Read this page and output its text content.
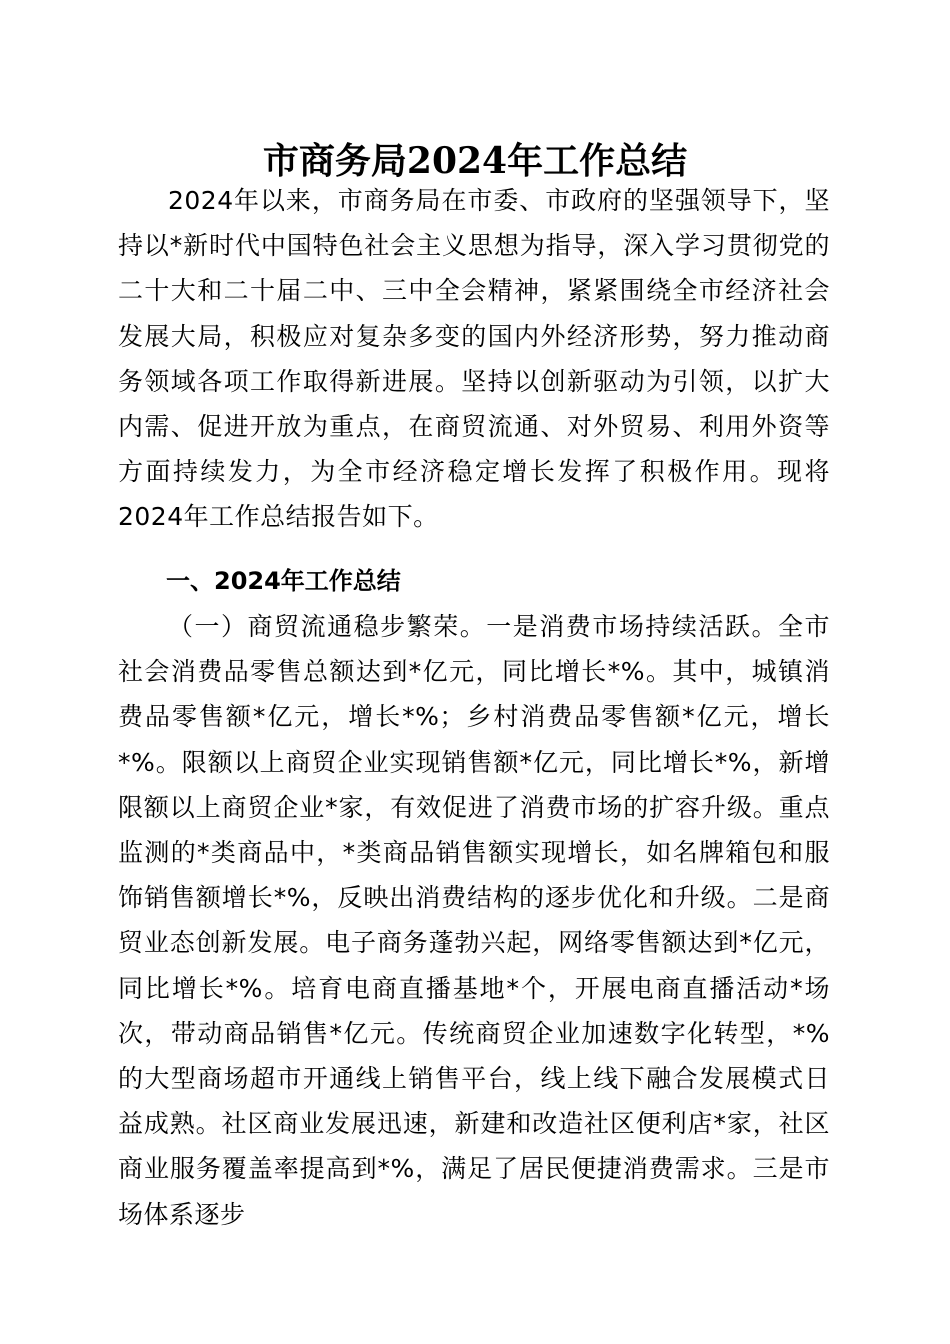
市商务局2024年工作总结

2024年以来，市商务局在市委、市政府的坚强领导下，坚持以*新时代中国特色社会主义思想为指导，深入学习贯彻党的二十大和二十届二中、三中全会精神，紧紧围绕全市经济社会发展大局，积极应对复杂多变的国内外经济形势，努力推动商务领域各项工作取得新进展。坚持以创新驱动为引领，以扩大内需、促进开放为重点，在商贸流通、对外贸易、利用外资等方面持续发力，为全市经济稳定增长发挥了积极作用。现将2024年工作总结报告如下。

一、2024年工作总结

（一）商贸流通稳步繁荣。一是消费市场持续活跃。全市社会消费品零售总额达到*亿元，同比增长*%。其中，城镇消费品零售额*亿元，增长*%；乡村消费品零售额*亿元，增长*%。限额以上商贸企业实现销售额*亿元，同比增长*%，新增限额以上商贸企业*家，有效促进了消费市场的扩容升级。重点监测的*类商品中，*类商品销售额实现增长，如名牌箱包和服饰销售额增长*%，反映出消费结构的逐步优化和升级。二是商贸业态创新发展。电子商务蓬勃兴起，网络零售额达到*亿元，同比增长*%。培育电商直播基地*个，开展电商直播活动*场次，带动商品销售*亿元。传统商贸企业加速数字化转型，*%的大型商场超市开通线上销售平台，线上线下融合发展模式日益成熟。社区商业发展迅速，新建和改造社区便利店*家，社区商业服务覆盖率提高到*%，满足了居民便捷消费需求。三是市场体系逐步
